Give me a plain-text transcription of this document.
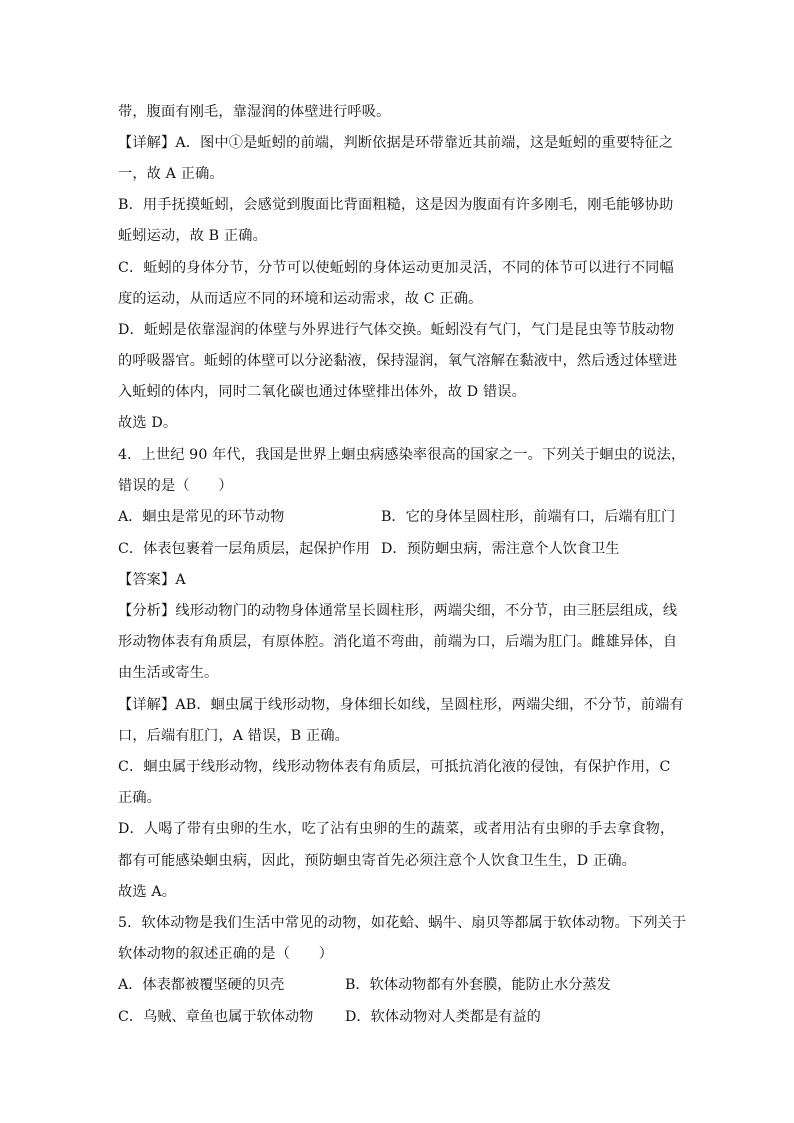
带，腹面有刚毛，靠湿润的体壁进行呼吸。
【详解】A．图中①是蚯蚓的前端，判断依据是环带靠近其前端，这是蚯蚓的重要特征之
一，故 A 正确。
B．用手抚摸蚯蚓，会感觉到腹面比背面粗糙，这是因为腹面有许多刚毛，刚毛能够协助
蚯蚓运动，故 B 正确。
C．蚯蚓的身体分节，分节可以使蚯蚓的身体运动更加灵活，不同的体节可以进行不同幅
度的运动，从而适应不同的环境和运动需求，故 C 正确。
D．蚯蚓是依靠湿润的体壁与外界进行气体交换。蚯蚓没有气门，气门是昆虫等节肢动物
的呼吸器官。蚯蚓的体壁可以分泌黏液，保持湿润，氧气溶解在黏液中，然后透过体壁进
入蚯蚓的体内，同时二氧化碳也通过体壁排出体外，故 D 错误。
故选 D。
4．上世纪 90 年代，我国是世界上蛔虫病感染率很高的国家之一。下列关于蛔虫的说法，
错误的是（　　）
A．蛔虫是常见的环节动物	B．它的身体呈圆柱形，前端有口，后端有肛门
C．体表包裹着一层角质层，起保护作用 D．预防蛔虫病，需注意个人饮食卫生
【答案】A
【分析】线形动物门的动物身体通常呈长圆柱形，两端尖细，不分节，由三胚层组成，线
形动物体表有角质层，有原体腔。消化道不弯曲，前端为口，后端为肛门。雌雄异体，自
由生活或寄生。
【详解】AB．蛔虫属于线形动物，身体细长如线，呈圆柱形，两端尖细，不分节，前端有
口，后端有肛门，A 错误，B 正确。
C．蛔虫属于线形动物，线形动物体表有角质层，可抵抗消化液的侵蚀，有保护作用，C
正确。
D．人喝了带有虫卵的生水，吃了沾有虫卵的生的蔬菜，或者用沾有虫卵的手去拿食物，
都有可能感染蛔虫病，因此，预防蛔虫寄首先必须注意个人饮食卫生生，D 正确。
故选 A。
5．软体动物是我们生活中常见的动物，如花蛤、蜗牛、扇贝等都属于软体动物。下列关于
软体动物的叙述正确的是（　　）
A．体表都被覆坚硬的贝壳	B．软体动物都有外套膜，能防止水分蒸发
C．乌贼、章鱼也属于软体动物 D．软体动物对人类都是有益的
